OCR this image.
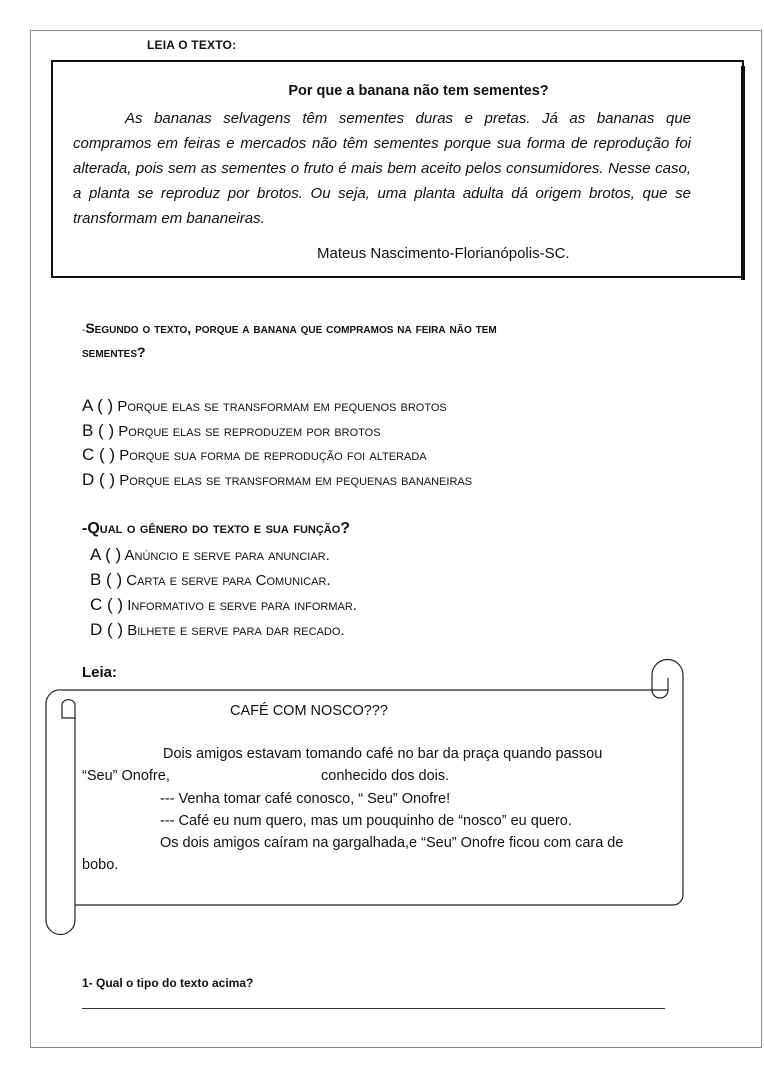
LEIA O TEXTO:
Por que a banana não tem sementes?
As bananas selvagens têm sementes duras e pretas. Já as bananas que compramos em feiras e mercados não têm sementes porque sua forma de reprodução foi alterada, pois sem as sementes o fruto é mais bem aceito pelos consumidores. Nesse caso, a planta se reproduz por brotos. Ou seja, uma planta adulta dá origem brotos, que se transformam em bananeiras.
Mateus Nascimento-Florianópolis-SC.
-Segundo o texto, porque a banana que compramos na feira não tem
sementes?
A ( ) Porque elas se transformam em pequenos brotos
B ( ) Porque elas se reproduzem por brotos
C ( ) Porque sua forma de reprodução foi alterada
D ( ) Porque elas se transformam em pequenas bananeiras
-Qual o gênero do texto e sua função?
A ( ) Anúncio e serve para anunciar.
B ( ) Carta e serve para Comunicar.
C ( ) Informativo e serve para informar.
D ( ) Bilhete e serve para dar recado.
Leia:
CAFÉ COM NOSCO???
Dois amigos estavam tomando café no bar da praça quando passou
“Seu” Onofre,	conhecido dos dois.
--- Venha tomar café conosco, “ Seu” Onofre!
--- Café eu num quero, mas um pouquinho de “nosco” eu quero.
Os dois amigos caíram na gargalhada,e “Seu” Onofre ficou com cara de
bobo.
1- Qual o tipo do texto acima?
